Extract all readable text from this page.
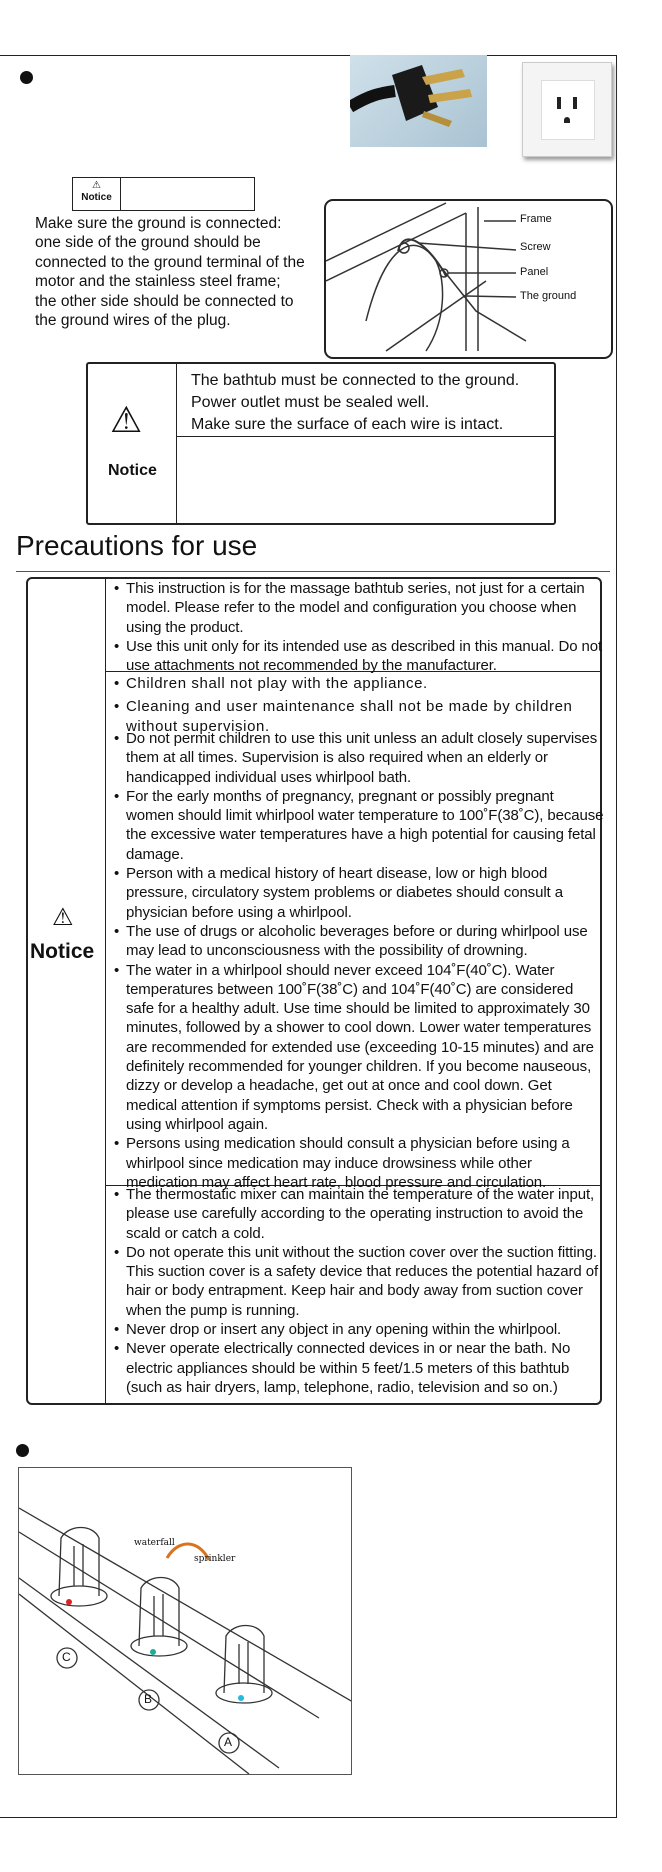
⚠
Notice
Make sure the ground is connected: one side of the ground should be connected to the ground terminal of the motor and the stainless steel frame; the other side should be connected to the ground wires of the plug.
Frame
Screw
Panel
The ground
⚠
Notice
The bathtub must be connected to the ground.
Power outlet must be sealed well.
Make sure the surface of each wire is intact.
Precautions for use
⚠
Notice
• This instruction is for the massage bathtub series, not just for a certain model. Please refer to the model and configuration you choose when using the product.
• Use this unit only for its intended use as described in this manual. Do not use attachments not recommended by the manufacturer.
• Children shall not play with the appliance.
• Cleaning and user maintenance shall not be made by children without supervision.
• Do not permit children to use this unit unless an adult closely supervises them at all times. Supervision is also required when an elderly or handicapped individual uses whirlpool bath.
• For the early months of pregnancy, pregnant or possibly pregnant women should limit whirlpool water temperature to 100˚F(38˚C), because the excessive water temperatures have a high potential for causing fetal damage.
• Person with a medical history of heart disease, low or high blood pressure, circulatory system problems or diabetes should consult a physician before using a whirlpool.
• The use of drugs or alcoholic beverages before or during whirlpool use may lead to unconsciousness with the possibility of drowning.
• The water in a whirlpool should never exceed 104˚F(40˚C). Water temperatures between 100˚F(38˚C) and 104˚F(40˚C) are considered safe for a healthy adult. Use time should be limited to approximately 30 minutes, followed by a shower to cool down. Lower water temperatures are recommended for extended use (exceeding 10-15 minutes) and are definitely recommended for younger children. If you become nauseous, dizzy or develop a headache, get out at once and cool down. Get medical attention if symptoms persist. Check with a physician before using whirlpool again.
• Persons using medication should consult a physician before using a whirlpool since medication may induce drowsiness while other medication may affect heart rate, blood pressure and circulation.
• The thermostatic mixer can maintain the temperature of the water input, please use carefully according to the operating instruction to avoid the scald or catch a cold.
• Do not operate this unit without the suction cover over the suction fitting. This suction cover is a safety device that reduces the potential hazard of hair or body entrapment. Keep hair and body away from suction cover when the pump is running.
• Never drop or insert any object in any opening within the whirlpool.
• Never operate electrically connected devices in or near the bath. No electric appliances should be within 5 feet/1.5 meters of this bathtub (such as hair dryers, lamp, telephone, radio, television and so on.)
waterfall
sprinkler
C
B
A
